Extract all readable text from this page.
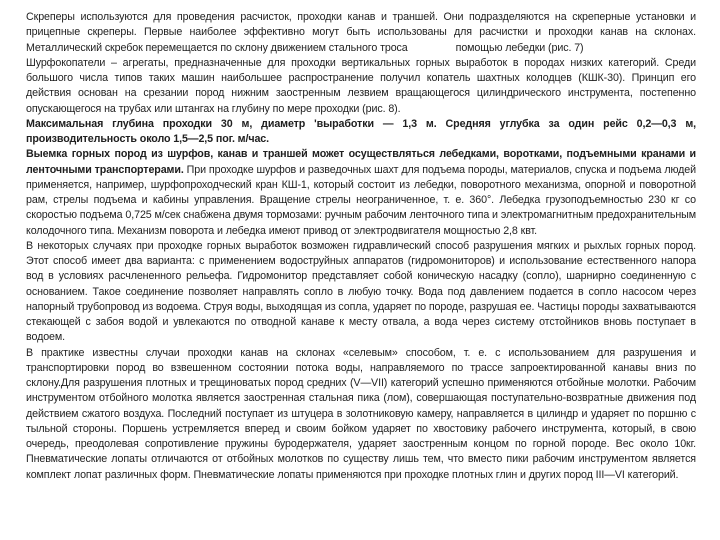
Скреперы используются для проведения расчисток, проходки канав и траншей. Они подразделяются на скреперные установки и прицепные скреперы. Первые наиболее эффективно могут быть использованы для расчистки и проходки канав на склонах. Металлический скребок перемещается по склону движением стального троса	помощью лебедки (рис. 7)

Шурфокопатели – агрегаты, предназначенные для проходки вертикальных горных выработок в породах низких категорий. Среди большого числа типов таких машин наибольшее распространение получил копатель шахтных колодцев (КШК-30). Принцип его действия основан на срезании пород нижним заостренным лезвием вращающегося цилиндрического инструмента, постепенно опускающегося на трубах или штангах на глубину по мере проходки (рис. 8).

Максимальная глубина проходки 30 м, диаметр 'выработки — 1,3 м. Средняя углубка за один рейс 0,2—0,3 м, производительность около 1,5—2,5 пог. м/час.

Выемка горных пород из шурфов, канав и траншей может осуществляться лебедками, воротками, подъемными кранами и ленточными транспортерами. При проходке шурфов и разведочных шахт для подъема породы, материалов, спуска и подъема людей применяется, например, шурфопроходческий кран КШ-1, который состоит из лебедки, поворотного механизма, опорной и поворотной рам, стрелы подъема и кабины управления. Вращение стрелы неограниченное, т. е. 360°. Лебедка грузоподъемностью 230 кг со скоростью подъема 0,725 м/сек снабжена двумя тормозами: ручным рабочим ленточного типа и электромагнитным предохранительным колодочного типа. Механизм поворота и лебедка имеют привод от электродвигателя мощностью 2,8 квт.

В некоторых случаях при проходке горных выработок возможен гидравлический способ разрушения мягких и рыхлых горных пород. Этот способ имеет два варианта: с применением водоструйных аппаратов (гидромониторов) и использование естественного напора вод в условиях расчлененного рельефа. Гидромонитор представляет собой коническую насадку (сопло), шарнирно соединенную с основанием. Такое соединение позволяет направлять сопло в любую точку. Вода под давлением подается в сопло насосом через напорный трубопровод из водоема. Струя воды, выходящая из сопла, ударяет по породе, разрушая ее. Частицы породы захватываются стекающей с забоя водой и увлекаются по отводной канаве к месту отвала, а вода через систему отстойников вновь поступает в водоем.

В практике известны случаи проходки канав на склонах «селевым» способом, т. е. с использованием для разрушения и транспортировки пород во взвешенном состоянии потока воды, направляемого по трассе запроектированной канавы вниз по склону.Для разрушения плотных и трещиноватых пород средних (V—VII) категорий успешно применяются отбойные молотки. Рабочим инструментом отбойного молотка является заостренная стальная пика (лом), совершающая поступательно-возвратные движения под действием сжатого воздуха. Последний поступает из штуцера в золотниковую камеру, направляется в цилиндр и ударяет по поршню с тыльной стороны. Поршень устремляется вперед и своим бойком ударяет по хвостовику рабочего инструмента, который, в свою очередь, преодолевая сопротивление пружины буродержателя, ударяет заостренным концом по горной породе. Вес около 10кг. Пневматические лопаты отличаются от отбойных молотков по существу лишь тем, что вместо пики рабочим инструментом является комплект лопат различных форм. Пневматические лопаты применяются при проходке плотных глин и других пород III—VI категорий.
